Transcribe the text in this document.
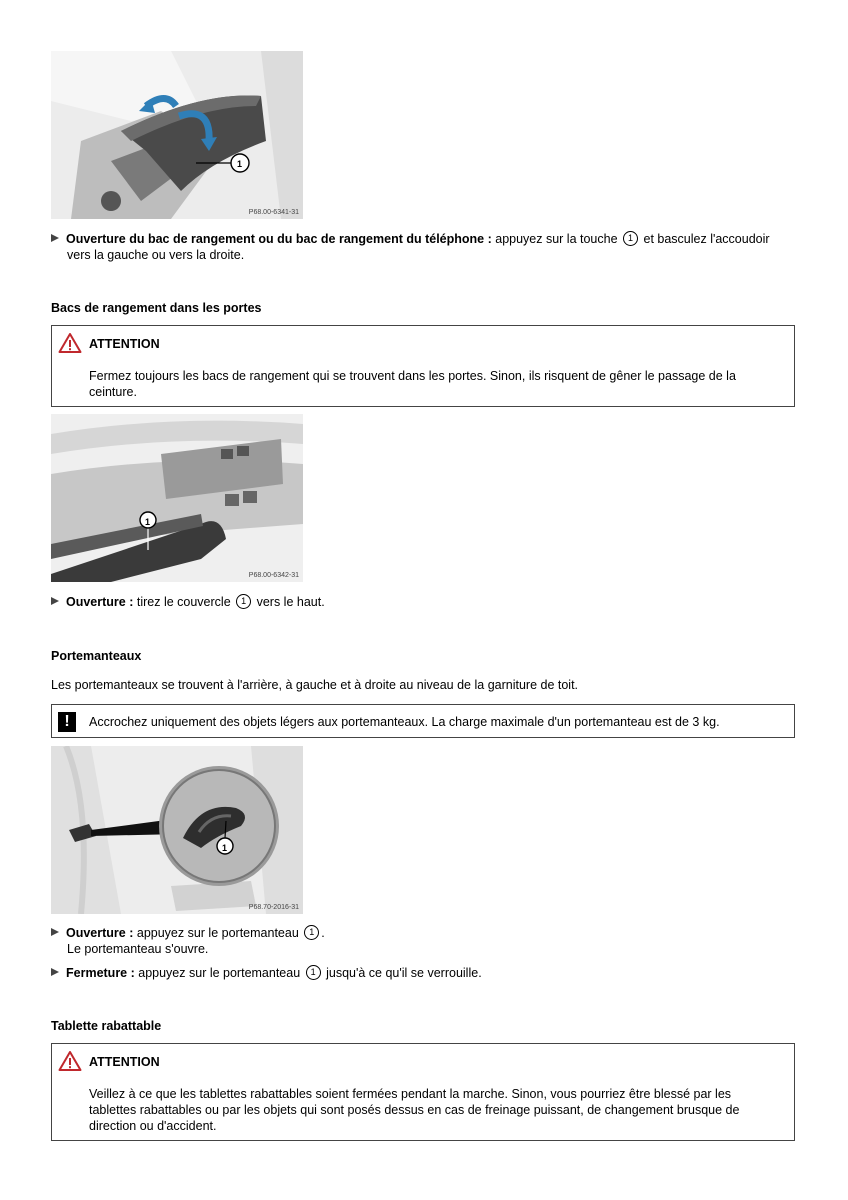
1
P68.00-6341-31
Ouverture du bac de rangement ou du bac de rangement du téléphone : appuyez sur la touche 1 et basculez l'accoudoir
vers la gauche ou vers la droite.
Bacs de rangement dans les portes
ATTENTION
Fermez toujours les bacs de rangement qui se trouvent dans les portes. Sinon, ils risquent de gêner le passage de la ceinture.
1
P68.00-6342-31
Ouverture : tirez le couvercle 1 vers le haut.
Portemanteaux
Les portemanteaux se trouvent à l'arrière, à gauche et à droite au niveau de la garniture de toit.
!	Accrochez uniquement des objets légers aux portemanteaux. La charge maximale d'un portemanteau est de 3 kg.
1
P68.70-2016-31
Ouverture : appuyez sur le portemanteau 1 .
Le portemanteau s'ouvre.
Fermeture : appuyez sur le portemanteau 1 jusqu'à ce qu'il se verrouille.
Tablette rabattable
ATTENTION
Veillez à ce que les tablettes rabattables soient fermées pendant la marche. Sinon, vous pourriez être blessé par les tablettes rabattables ou par les objets qui sont posés dessus en cas de freinage puissant, de changement brusque de direction ou d'accident.
